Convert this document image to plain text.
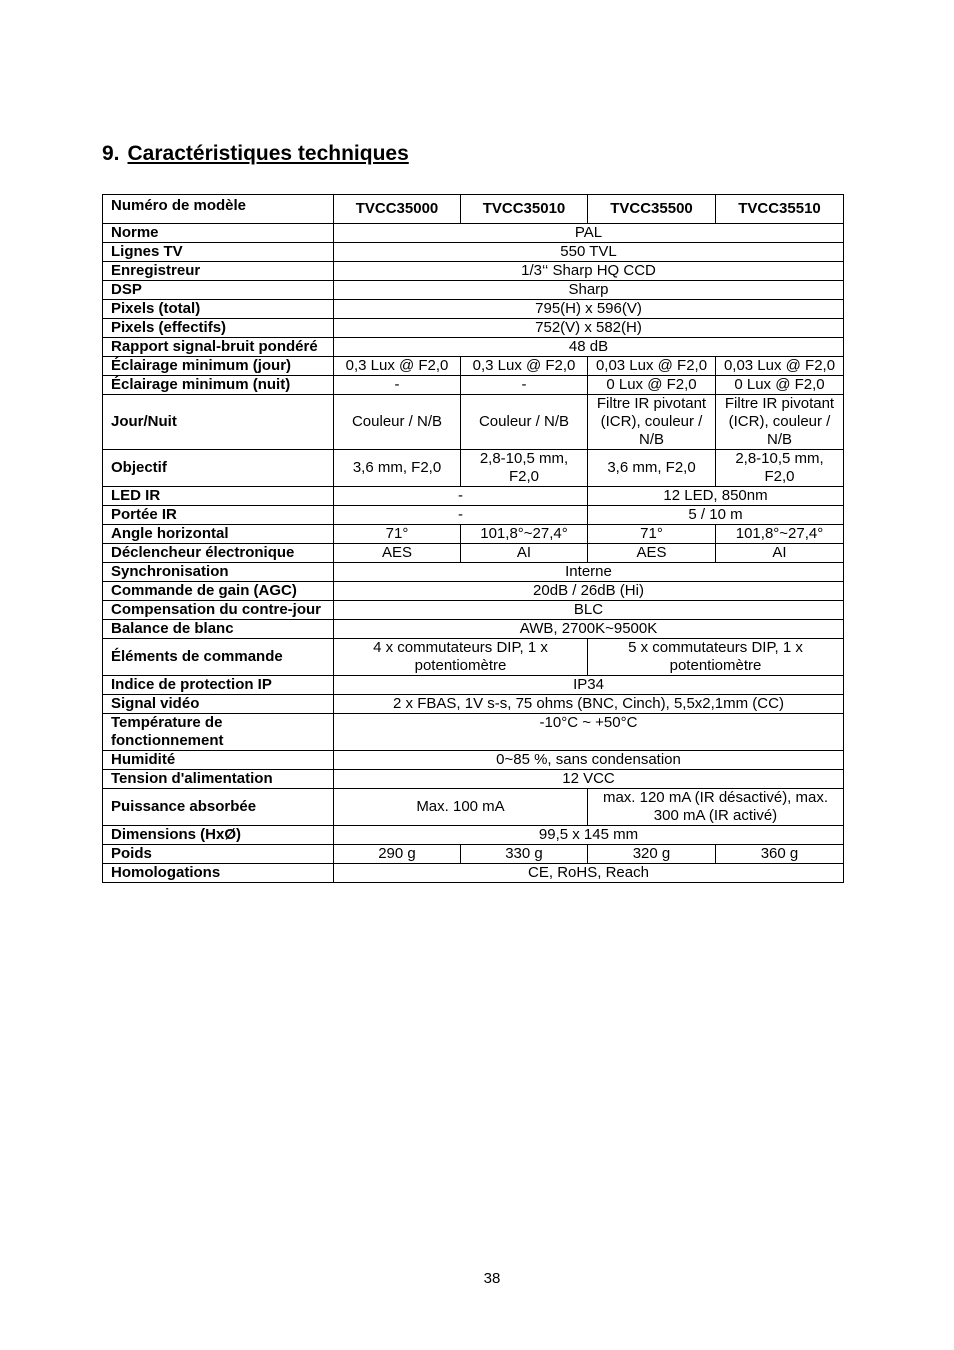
9. Caractéristiques techniques
Numéro de modèle	TVCC35000	TVCC35010	TVCC35500	TVCC35510
Norme	PAL			
Lignes TV	550 TVL			
Enregistreur	1/3‘‘ Sharp HQ CCD			
DSP	Sharp			
Pixels (total)	795(H) x 596(V)			
Pixels (effectifs)	752(V) x 582(H)			
Rapport signal-bruit pondéré	48 dB			
Éclairage minimum (jour)	0,3 Lux @ F2,0	0,3 Lux @ F2,0	0,03 Lux @ F2,0	0,03 Lux @ F2,0
Éclairage minimum (nuit)	-	-	0 Lux @ F2,0	0 Lux @ F2,0
Jour/Nuit	Couleur / N/B	Couleur / N/B	Filtre IR pivotant (ICR), couleur / N/B	Filtre IR pivotant (ICR), couleur / N/B
Objectif	3,6 mm, F2,0	2,8-10,5 mm, F2,0	3,6 mm, F2,0	2,8-10,5 mm, F2,0
LED IR	-		12 LED, 850nm	
Portée IR	-		5 / 10 m	
Angle horizontal	71°	101,8°~27,4°	71°	101,8°~27,4°
Déclencheur électronique	AES	AI	AES	AI
Synchronisation	Interne			
Commande de gain (AGC)	20dB / 26dB (Hi)			
Compensation du contre-jour	BLC			
Balance de blanc	AWB, 2700K~9500K			
Éléments de commande	4 x commutateurs DIP, 1 x potentiomètre		5 x commutateurs DIP, 1 x potentiomètre	
Indice de protection IP	IP34			
Signal vidéo	2 x FBAS, 1V s-s, 75 ohms (BNC, Cinch), 5,5x2,1mm (CC)			
Température de fonctionnement	-10°C ~ +50°C			
Humidité	0~85 %, sans condensation			
Tension d'alimentation	12 VCC			
Puissance absorbée	Max. 100 mA		max. 120 mA (IR désactivé), max. 300 mA (IR activé)	
Dimensions (HxØ)	99,5 x 145 mm			
Poids	290 g	330 g	320 g	360 g
Homologations	CE, RoHS, Reach			
38
